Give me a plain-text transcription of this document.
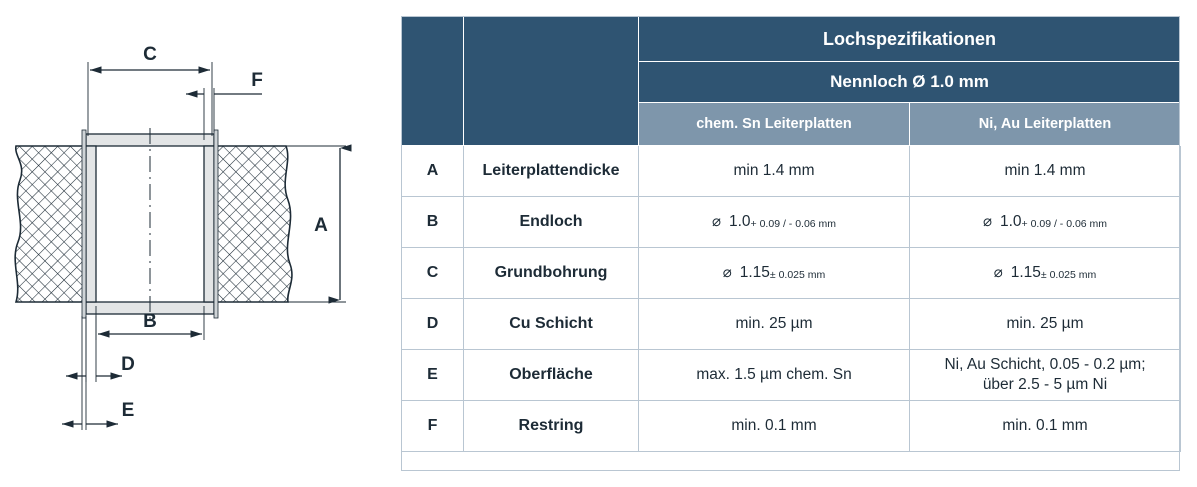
C
F
A
B
D
E
		Lochspezifikationen	
		Nennloch Ø 1.0 mm	
		chem. Sn Leiterplatten	Ni, Au Leiterplatten
A	Leiterplattendicke	min 1.4 mm	min 1.4 mm
B	Endloch	⌀ 1.0+ 0.09 / - 0.06 mm	⌀ 1.0+ 0.09 / - 0.06 mm
C	Grundbohrung	⌀ 1.15± 0.025 mm	⌀ 1.15± 0.025 mm
D	Cu Schicht	min. 25 µm	min. 25 µm
E	Oberfläche	max. 1.5 µm chem. Sn	Ni, Au Schicht, 0.05 - 0.2 µm;
über 2.5 - 5 µm Ni

F	Restring	min. 0.1 mm	min. 0.1 mm
